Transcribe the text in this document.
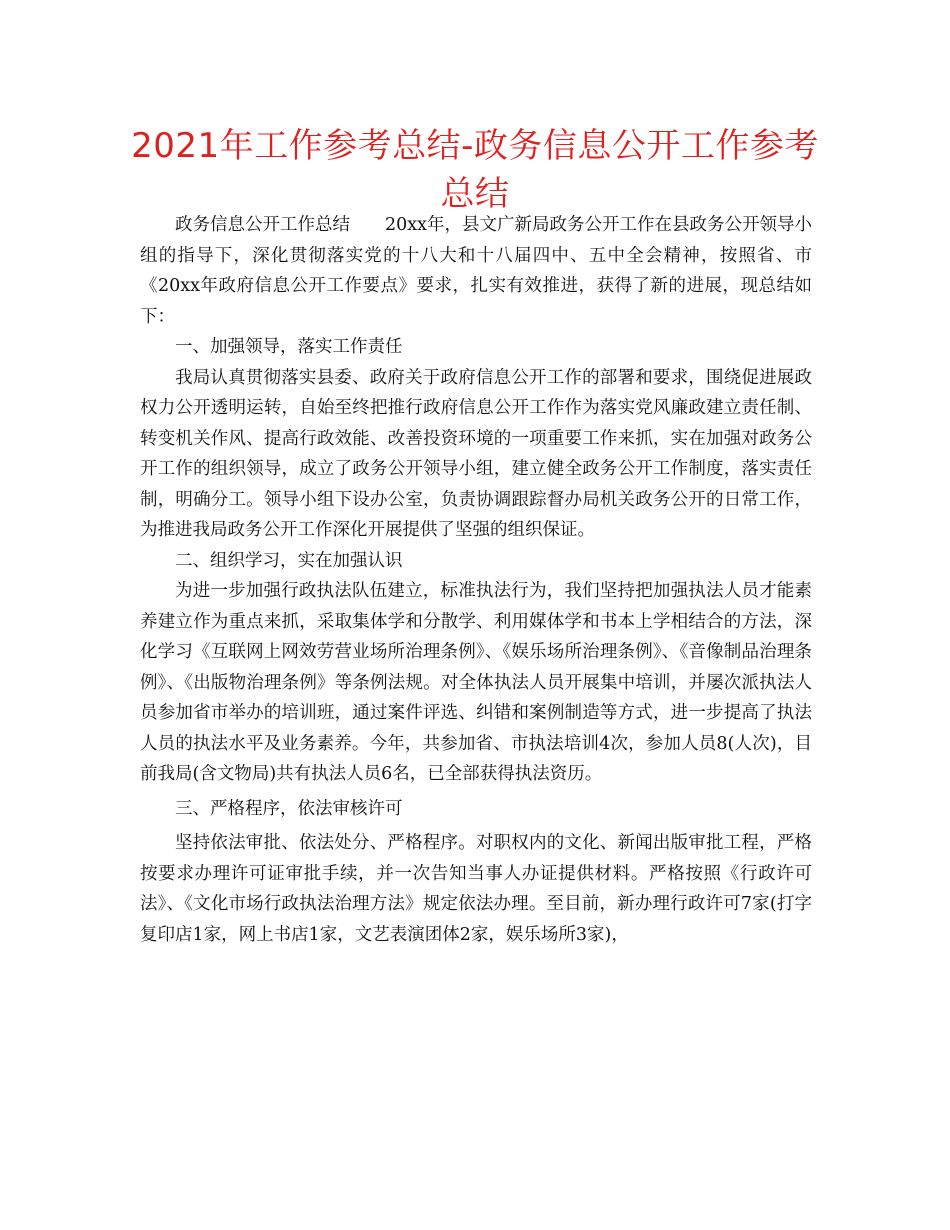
2021年工作参考总结-政务信息公开工作参考总结

政务信息公开工作总结　　20xx年，县文广新局政务公开工作在县政务公开领导小组的指导下，深化贯彻落实党的十八大和十八届四中、五中全会精神，按照省、市《20xx年政府信息公开工作要点》要求，扎实有效推进，获得了新的进展，现总结如下：

一、加强领导，落实工作责任

我局认真贯彻落实县委、政府关于政府信息公开工作的部署和要求，围绕促进展政权力公开透明运转，自始至终把推行政府信息公开工作作为落实党风廉政建立责任制、转变机关作风、提高行政效能、改善投资环境的一项重要工作来抓，实在加强对政务公开工作的组织领导，成立了政务公开领导小组，建立健全政务公开工作制度，落实责任制，明确分工。领导小组下设办公室，负责协调跟踪督办局机关政务公开的日常工作，为推进我局政务公开工作深化开展提供了坚强的组织保证。

二、组织学习，实在加强认识

为进一步加强行政执法队伍建立，标准执法行为，我们坚持把加强执法人员才能素养建立作为重点来抓，采取集体学和分散学、利用媒体学和书本上学相结合的方法，深化学习《互联网上网效劳营业场所治理条例》、《娱乐场所治理条例》、《音像制品治理条例》、《出版物治理条例》等条例法规。对全体执法人员开展集中培训，并屡次派执法人员参加省市举办的培训班，通过案件评选、纠错和案例制造等方式，进一步提高了执法人员的执法水平及业务素养。今年，共参加省、市执法培训4次，参加人员8(人次)，目前我局(含文物局)共有执法人员6名，已全部获得执法资历。

三、严格程序，依法审核许可

坚持依法审批、依法处分、严格程序。对职权内的文化、新闻出版审批工程，严格按要求办理许可证审批手续，并一次告知当事人办证提供材料。严格按照《行政许可法》、《文化市场行政执法治理方法》规定依法办理。至目前，新办理行政许可7家(打字复印店1家，网上书店1家，文艺表演团体2家，娱乐场所3家)，
